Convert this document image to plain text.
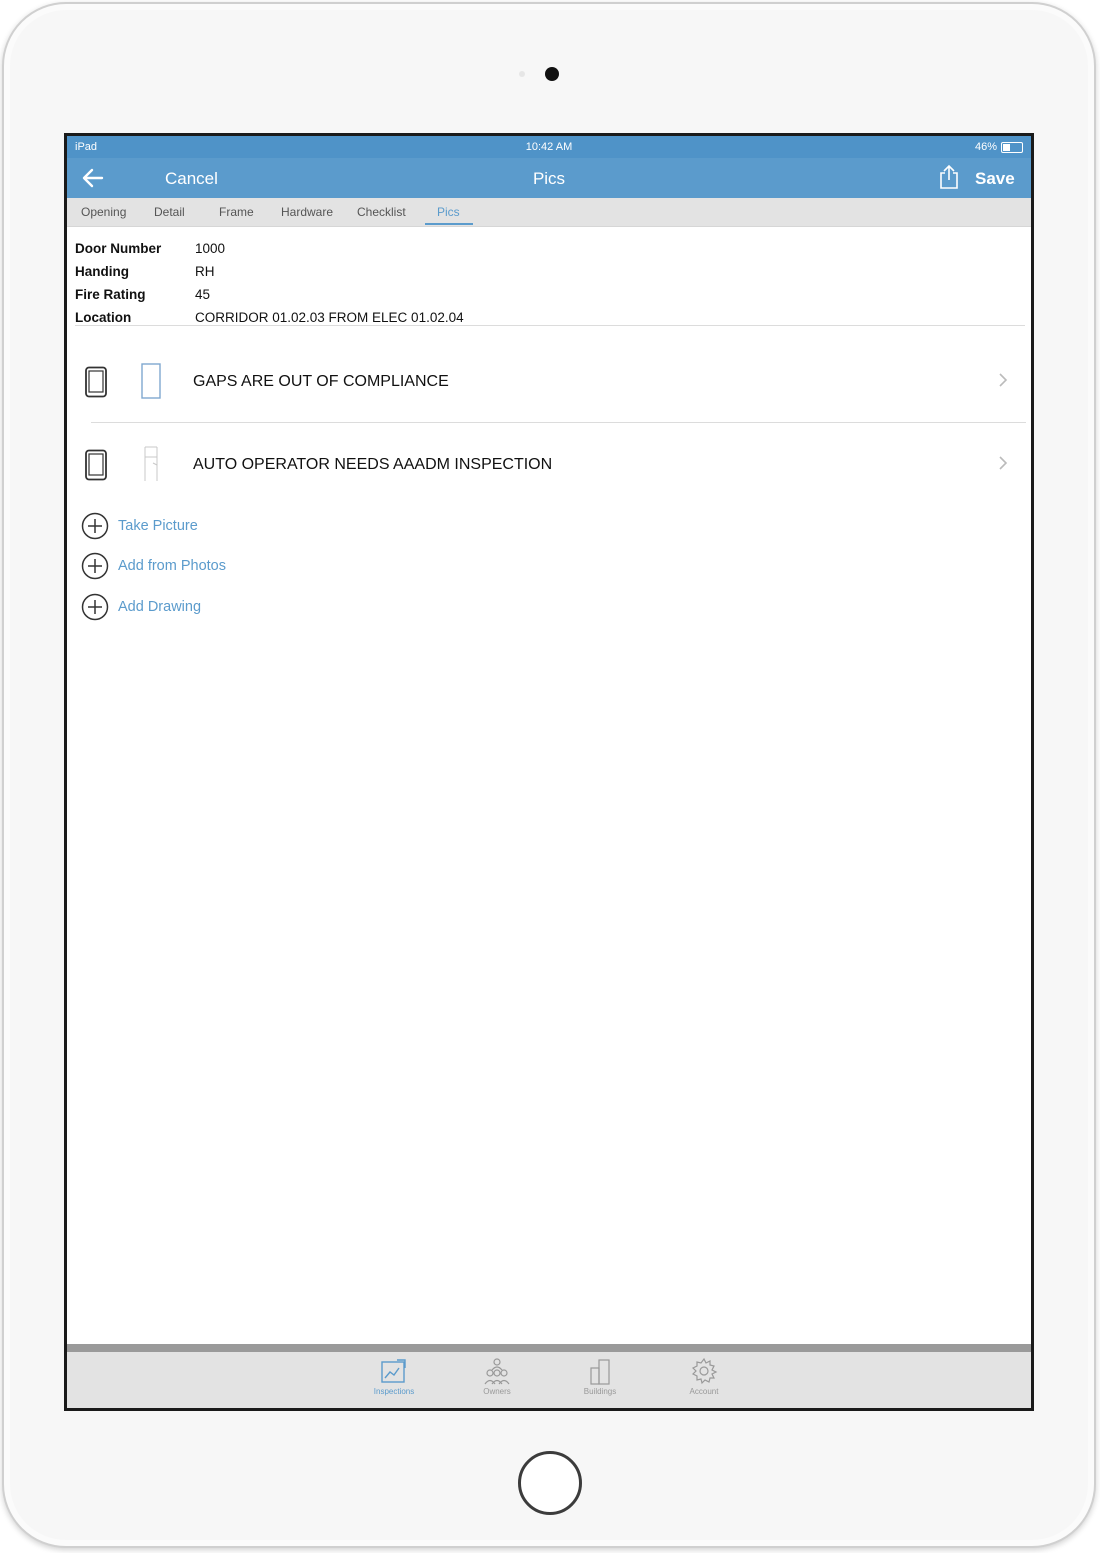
iPad	10:42 AM	46%
Cancel	Pics	Save
Opening Detail	Frame Hardware Checklist	Pics
Door Number	1000
Handing	RH
Fire Rating	45
Location	CORRIDOR 01.02.03 FROM ELEC 01.02.04
GAPS ARE OUT OF COMPLIANCE
AUTO OPERATOR NEEDS AAADM INSPECTION
Take Picture
Add from Photos
Add Drawing
Inspections	Owners	Buildings	Account
